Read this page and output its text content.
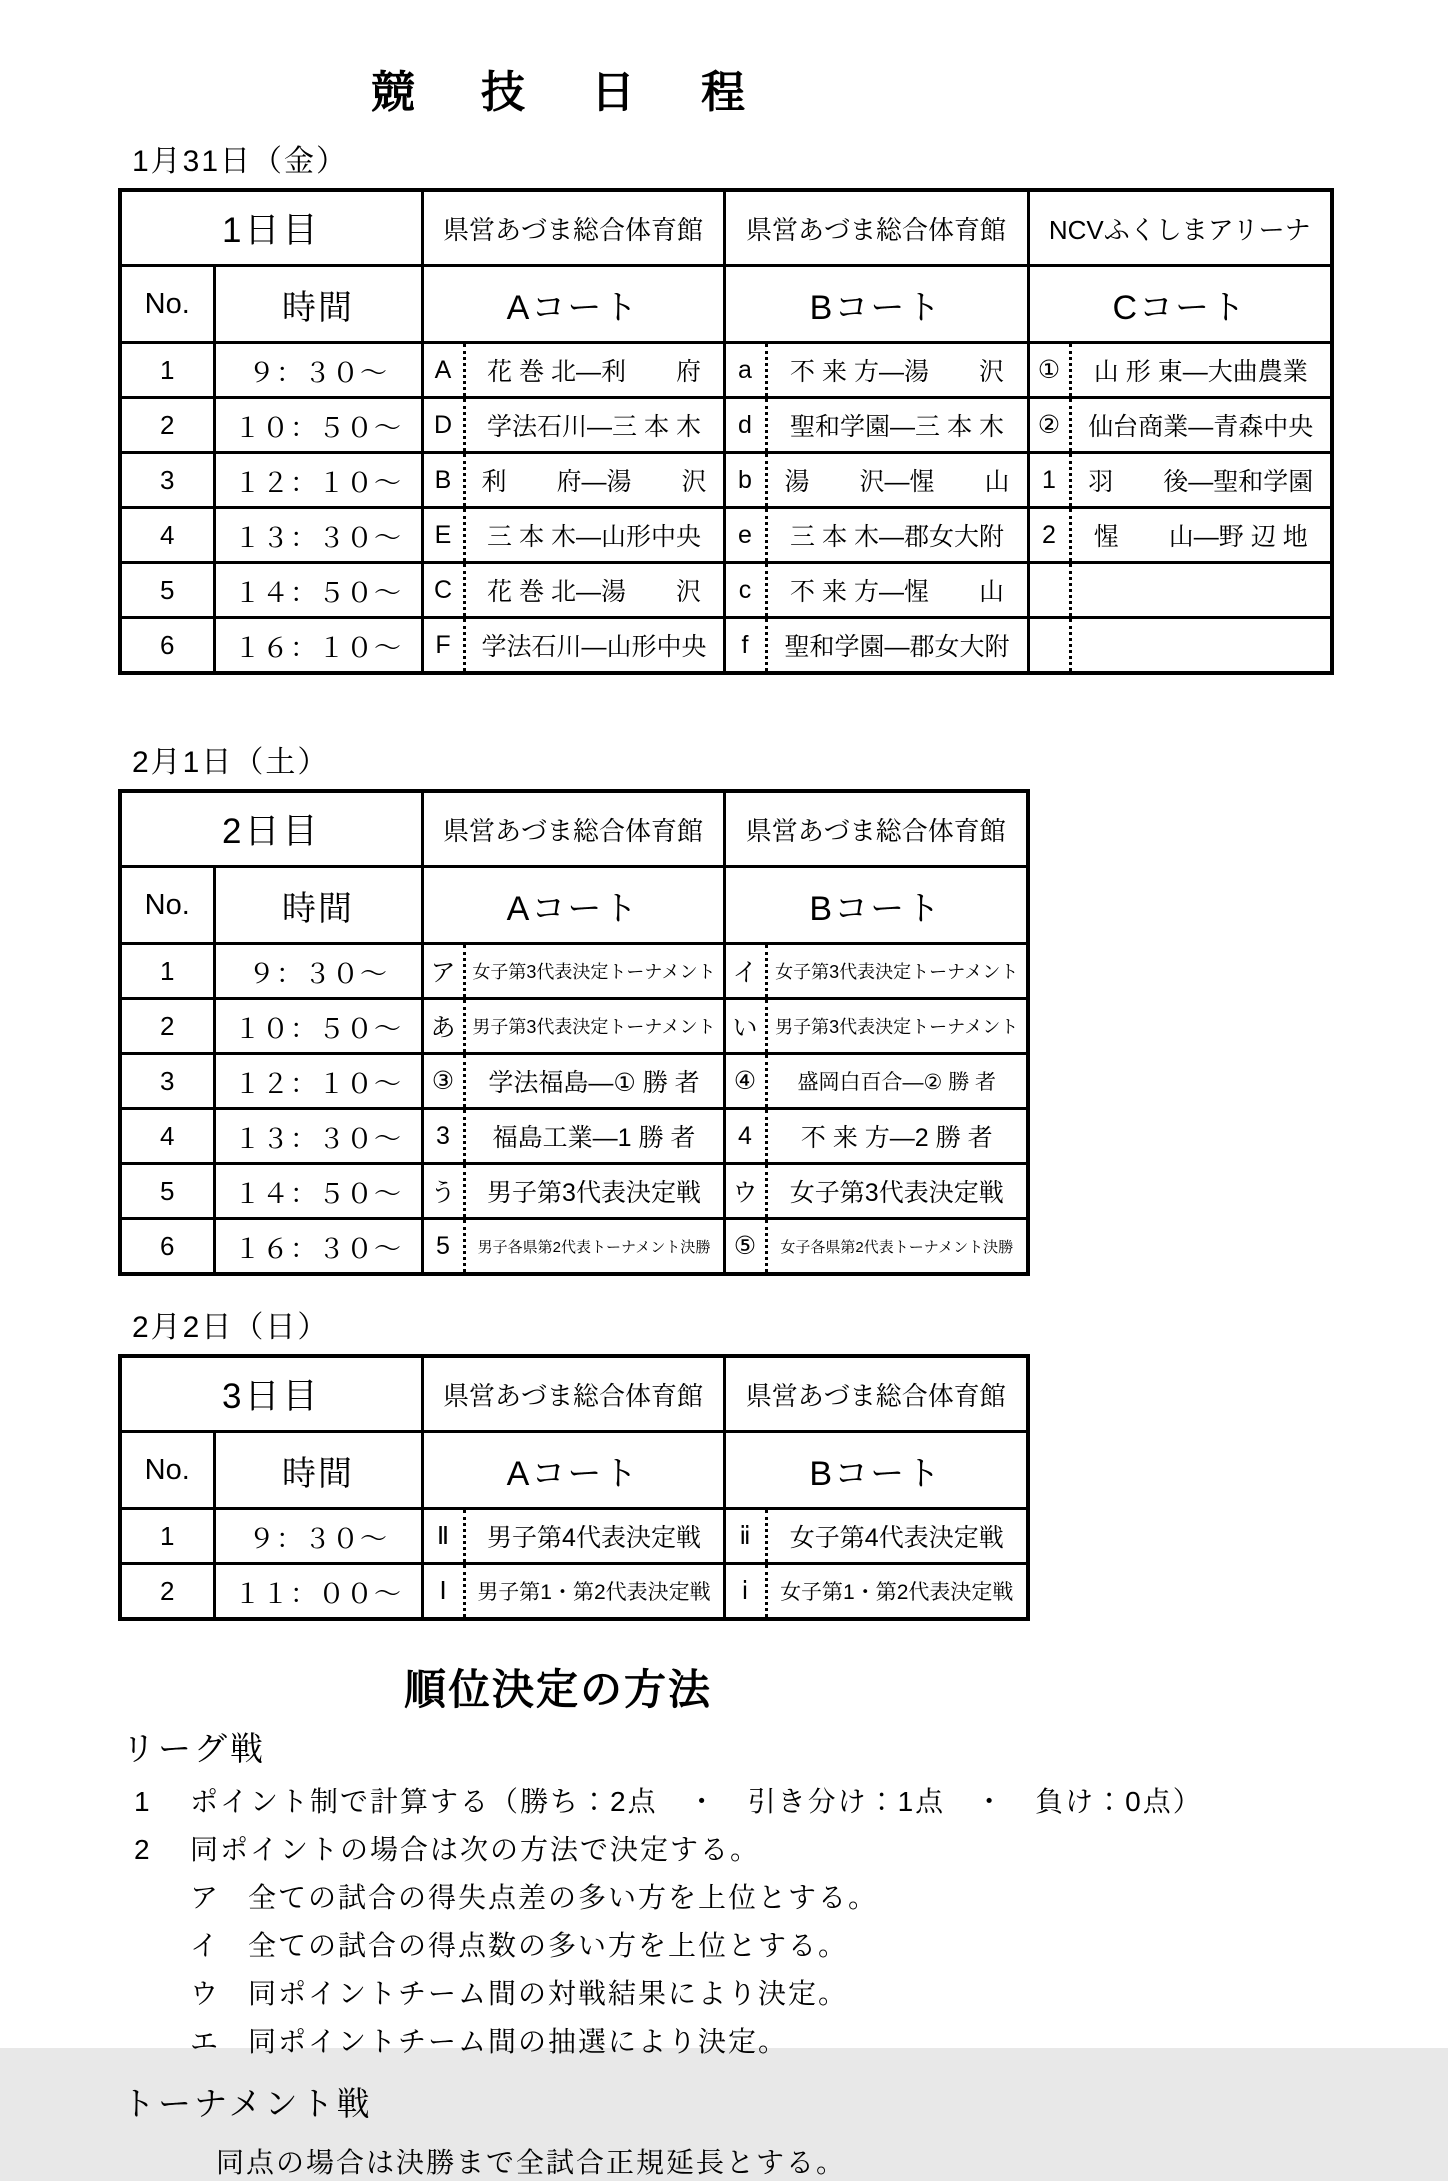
競技日程
1月31日（金）
1日目		県営あづま総合体育館	県営あづま総合体育館	NCVふくしまアリーナ
No.	時間	Aコート	Bコート	Cコート
1	９：３０～	A 花 巻 北―利　　府	a 不 来 方―湯　　沢	① 山 形 東―大曲農業

2	１０：５０～	D 学法石川―三 本 木	d 聖和学園―三 本 木	② 仙台商業―青森中央

3	１２：１０～	B 利　　府―湯　　沢	b 湯　　沢―惺　　山	1 羽　　後―聖和学園

4	１３：３０～	E 三 本 木―山形中央	e 三 本 木―郡女大附	2 惺　　山―野 辺 地

5	１４：５０～	C 花 巻 北―湯　　沢	c 不 来 方―惺　　山	

6	１６：１０～	F 学法石川―山形中央	f 聖和学園―郡女大附	

2月1日（土）
2日目		県営あづま総合体育館	県営あづま総合体育館
No.	時間	Aコート	Bコート
1	９：３０～	ア 女子第3代表決定トーナメント	イ 女子第3代表決定トーナメント

2	１０：５０～	あ 男子第3代表決定トーナメント	い 男子第3代表決定トーナメント

3	１２：１０～	③ 学法福島―① 勝 者	④ 盛岡白百合―② 勝 者

4	１３：３０～	3 福島工業―1 勝 者	4 不 来 方―2 勝 者

5	１４：５０～	う 男子第3代表決定戦	ウ 女子第3代表決定戦

6	１６：３０～	5 男子各県第2代表トーナメント決勝	⑤ 女子各県第2代表トーナメント決勝
2月2日（日）
3日目		県営あづま総合体育館	県営あづま総合体育館
No.	時間	Aコート	Bコート
1	９：３０～	Ⅱ 男子第4代表決定戦	ⅱ 女子第4代表決定戦

2	１１：００～	Ⅰ 男子第1・第2代表決定戦	ⅰ 女子第1・第2代表決定戦
順位決定の方法
リーグ戦
1	ポイント制で計算する（勝ち：2点　・　引き分け：1点　・　負け：0点）
2	同ポイントの場合は次の方法で決定する。
ア 全ての試合の得失点差の多い方を上位とする。
イ 全ての試合の得点数の多い方を上位とする。
ウ 同ポイントチーム間の対戦結果により決定。
エ 同ポイントチーム間の抽選により決定。
トーナメント戦
同点の場合は決勝まで全試合正規延長とする。
